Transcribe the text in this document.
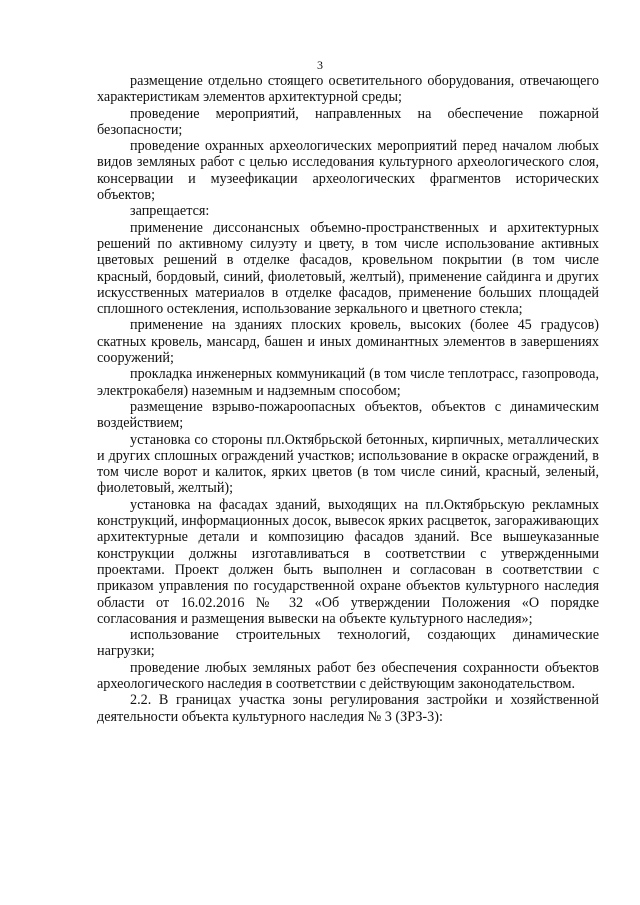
3

размещение отдельно стоящего осветительного оборудования, отвечающего характеристикам элементов архитектурной среды;

проведение мероприятий, направленных на обеспечение пожарной безопасности;

проведение охранных археологических мероприятий перед началом любых видов земляных работ с целью исследования культурного археологического слоя, консервации и музеефикации археологических фрагментов исторических объектов;

запрещается:

применение диссонансных объемно-пространственных и архитектурных решений по активному силуэту и цвету, в том числе использование активных цветовых решений в отделке фасадов, кровельном покрытии (в том числе красный, бордовый, синий, фиолетовый, желтый), применение сайдинга и других искусственных материалов в отделке фасадов, применение больших площадей сплошного остекления, использование зеркального и цветного стекла;

применение на зданиях плоских кровель, высоких (более 45 градусов) скатных кровель, мансард, башен и иных доминантных элементов в завершениях сооружений;

прокладка инженерных коммуникаций (в том числе теплотрасс, газопровода, электрокабеля) наземным и надземным способом;

размещение взрыво-пожароопасных объектов, объектов с динамическим воздействием;

установка со стороны пл.Октябрьской бетонных, кирпичных, металлических и других сплошных ограждений участков; использование в окраске ограждений, в том числе ворот и калиток, ярких цветов (в том числе синий, красный, зеленый, фиолетовый, желтый);

установка на фасадах зданий, выходящих на пл.Октябрьскую рекламных конструкций, информационных досок, вывесок ярких расцветок, загораживающих архитектурные детали и композицию фасадов зданий. Все вышеуказанные конструкции должны изготавливаться в соответствии с утвержденными проектами. Проект должен быть выполнен и согласован в соответствии с приказом управления по государственной охране объектов культурного наследия области от 16.02.2016 № 32 «Об утверждении Положения «О порядке согласования и размещения вывески на объекте культурного наследия»;

использование строительных технологий, создающих динамические нагрузки;

проведение любых земляных работ без обеспечения сохранности объектов археологического наследия в соответствии с действующим законодательством.

2.2. В границах участка зоны регулирования застройки и хозяйственной деятельности объекта культурного наследия № 3 (ЗРЗ-3):
